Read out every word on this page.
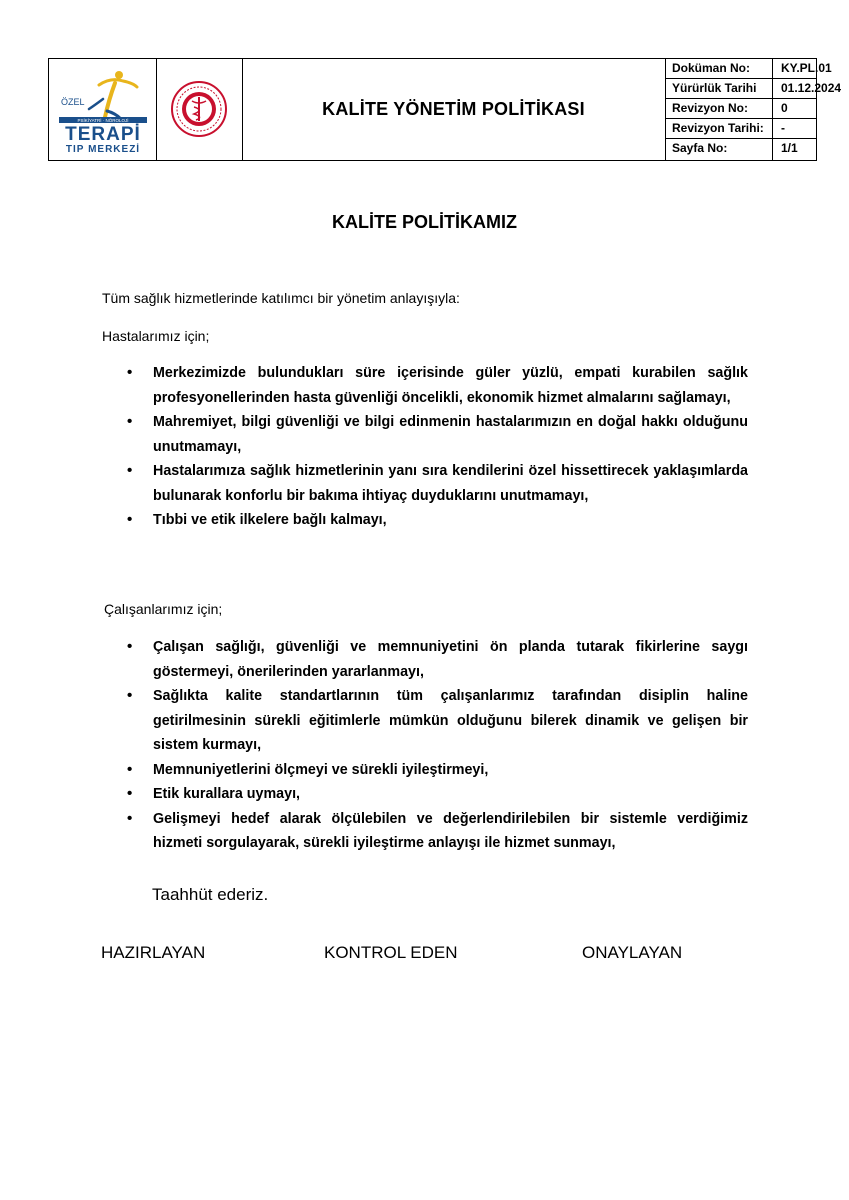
ÖZEL
PSİKİYATRİ · NÖROLOJİ
TERAPİ
TIP MERKEZİ
KALİTE YÖNETİM POLİTİKASI
Doküman No:	KY.PL.01
Yürürlük Tarihi	01.12.2024
Revizyon No:	0
Revizyon Tarihi:	-
Sayfa No:	1/1
KALİTE POLİTİKAMIZ
Tüm sağlık hizmetlerinde katılımcı bir yönetim anlayışıyla:
Hastalarımız için;
• Merkezimizde bulundukları süre içerisinde güler yüzlü, empati kurabilen sağlık profesyonellerinden hasta güvenliği öncelikli, ekonomik hizmet almalarını sağlamayı,
• Mahremiyet, bilgi güvenliği ve bilgi edinmenin hastalarımızın en doğal hakkı olduğunu unutmamayı,
• Hastalarımıza sağlık hizmetlerinin yanı sıra kendilerini özel hissettirecek yaklaşımlarda bulunarak konforlu bir bakıma ihtiyaç duyduklarını unutmamayı,
• Tıbbi ve etik ilkelere bağlı kalmayı,
Çalışanlarımız için;
• Çalışan sağlığı, güvenliği ve memnuniyetini ön planda tutarak fikirlerine saygı göstermeyi, önerilerinden yararlanmayı,
• Sağlıkta kalite standartlarının tüm çalışanlarımız tarafından disiplin haline getirilmesinin sürekli eğitimlerle mümkün olduğunu bilerek dinamik ve gelişen bir sistem kurmayı,
• Memnuniyetlerini ölçmeyi ve sürekli iyileştirmeyi,
• Etik kurallara uymayı,
• Gelişmeyi hedef alarak ölçülebilen ve değerlendirilebilen bir sistemle verdiğimiz hizmeti sorgulayarak, sürekli iyileştirme anlayışı ile hizmet sunmayı,
Taahhüt ederiz.
HAZIRLAYAN	KONTROL EDEN	ONAYLAYAN
